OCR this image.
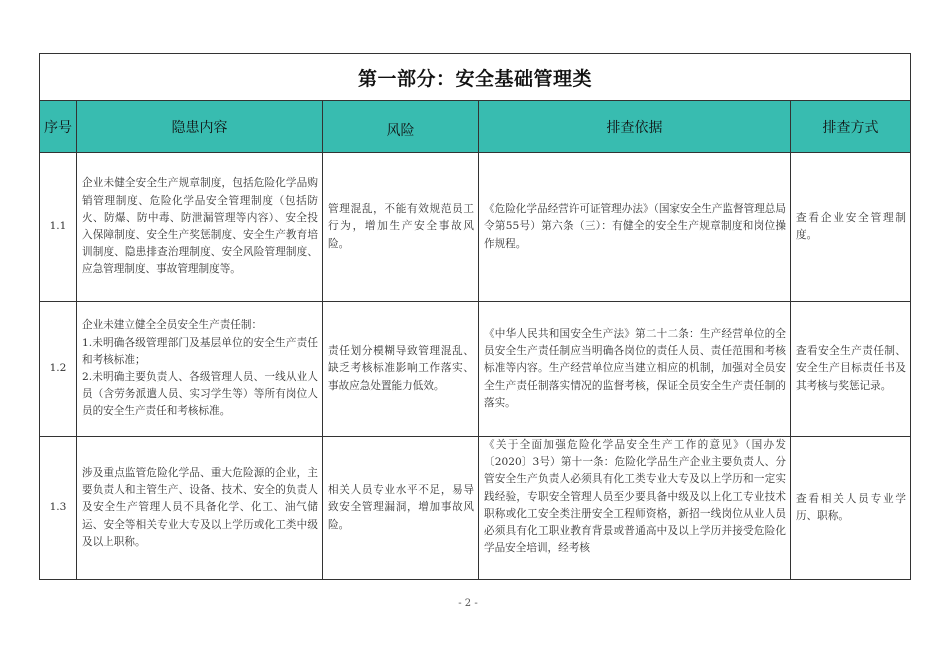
第一部分：安全基础管理类				
序号	隐患内容	风险	排查依据	排查方式
1.1	企业未健全安全生产规章制度，包括危险化学品购销管理制度、危险化学品安全管理制度（包括防火、防爆、防中毒、防泄漏管理等内容）、安全投入保障制度、安全生产奖惩制度、安全生产教育培训制度、隐患排查治理制度、安全风险管理制度、应急管理制度、事故管理制度等。	管理混乱，不能有效规范员工行为，增加生产安全事故风险。	《危险化学品经营许可证管理办法》（国家安全生产监督管理总局令第55号）第六条（三）：有健全的安全生产规章制度和岗位操作规程。	查看企业安全管理制度。
1.2	企业未建立健全全员安全生产责任制：
1.未明确各级管理部门及基层单位的安全生产责任和考核标准；
2.未明确主要负责人、各级管理人员、一线从业人员（含劳务派遣人员、实习学生等）等所有岗位人员的安全生产责任和考核标准。	责任划分模糊导致管理混乱、缺乏考核标准影响工作落实、事故应急处置能力低效。	《中华人民共和国安全生产法》第二十二条：生产经营单位的全员安全生产责任制应当明确各岗位的责任人员、责任范围和考核标准等内容。生产经营单位应当建立相应的机制，加强对全员安全生产责任制落实情况的监督考核，保证全员安全生产责任制的落实。	查看安全生产责任制、安全生产目标责任书及其考核与奖惩记录。
1.3	涉及重点监管危险化学品、重大危险源的企业，主要负责人和主管生产、设备、技术、安全的负责人及安全生产管理人员不具备化学、化工、油气储运、安全等相关专业大专及以上学历或化工类中级及以上职称。	相关人员专业水平不足，易导致安全管理漏洞，增加事故风险。	《关于全面加强危险化学品安全生产工作的意见》（国办发〔2020〕3号）第十一条：危险化学品生产企业主要负责人、分管安全生产负责人必须具有化工类专业大专及以上学历和一定实践经验，专职安全管理人员至少要具备中级及以上化工专业技术职称或化工安全类注册安全工程师资格，新招一线岗位从业人员必须具有化工职业教育背景或普通高中及以上学历并接受危险化学品安全培训，经考核	查看相关人员专业学历、职称。
- 2 -
